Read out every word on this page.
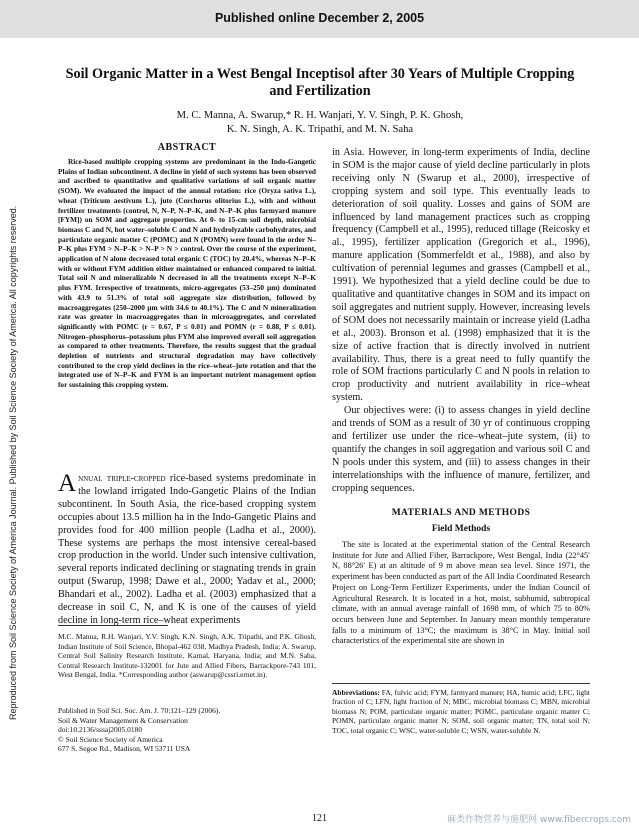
Published online December 2, 2005
Reproduced from Soil Science Society of America Journal. Published by Soil Science Society of America. All copyrights reserved.
Soil Organic Matter in a West Bengal Inceptisol after 30 Years of Multiple Cropping and Fertilization
M. C. Manna, A. Swarup,* R. H. Wanjari, Y. V. Singh, P. K. Ghosh,
K. N. Singh, A. K. Tripathi, and M. N. Saha
ABSTRACT
Rice-based multiple cropping systems are predominant in the Indo-Gangetic Plains of Indian subcontinent. A decline in yield of such systems has been observed and ascribed to quantitative and qualitative variations of soil organic matter (SOM). We evaluated the impact of the annual rotation: rice (Oryza sativa L.), wheat (Triticum aestivum L.), jute (Corchorus olitorius L.), with and without fertilizer treatments (control, N, N–P, N–P–K, and N–P–K plus farmyard manure [FYM]) on SOM and aggregate properties. At 0- to 15-cm soil depth, microbial biomass C and N, hot water–soluble C and N and hydrolyzable carbohydrates, and particulate organic matter C (POMC) and N (POMN) were found in the order N–P–K plus FYM > N–P–K > N–P > N > control. Over the course of the experiment, application of N alone decreased total organic C (TOC) by 20.4%, whereas N–P–K with or without FYM addition either maintained or enhanced compared to initial. Total soil N and mineralizable N decreased in all the treatments except N–P–K plus FYM. Irrespective of treatments, micro-aggregates (53–250 µm) dominated with 43.9 to 51.3% of total soil aggregate size distribution, followed by macroaggregates (250–2000 µm with 34.6 to 40.1%). The C and N mineralization rate was greater in macroaggregates than in microaggregates, and correlated significantly with POMC (r = 0.67, P ≤ 0.01) and POMN (r = 0.88, P ≤ 0.01). Nitrogen–phosphorus–potassium plus FYM also improved overall soil aggregation as compared to other treatments. Therefore, the results suggest that the gradual depletion of nutrients and structural degradation may have collectively contributed to the crop yield declines in the rice–wheat–jute rotation and that the integrated use of N–P–K and FYM is an important nutrient management option for sustaining this cropping system.
Annual triple-cropped rice-based systems predominate in the lowland irrigated Indo-Gangetic Plains of the Indian subcontinent. In South Asia, the rice-based cropping system occupies about 13.5 million ha in the Indo-Gangetic Plains and provides food for 400 million people (Ladha et al., 2000). These systems are perhaps the most intensive cereal-based crop production in the world. Under such intensive cultivation, several reports indicated declining or stagnating trends in grain output (Swarup, 1998; Dawe et al., 2000; Yadav et al., 2000; Bhandari et al., 2002). Ladha et al. (2003) emphasized that a decrease in soil C, N, and K is one of the causes of yield decline in long-term rice–wheat experiments
M.C. Manna, R.H. Wanjari, Y.V. Singh, K.N. Singh, A.K. Tripathi, and P.K. Ghosh, Indian Institute of Soil Science, Bhopal-462 038, Madhya Pradesh, India; A. Swarup, Central Soil Salinity Research Institute, Karnal, Haryana, India; and M.N. Saha, Central Research Institute-132001 for Jute and Allied Fibers, Barrackpore-743 101, West Bengal, India. *Corresponding author (aswarup@cssri.ernet.in).
Published in Soil Sci. Soc. Am. J. 70:121–129 (2006).
Soil & Water Management & Conservation
doi:10.2136/sssaj2005.0180
© Soil Science Society of America
677 S. Segoe Rd., Madison, WI 53711 USA

in Asia. However, in long-term experiments of India, decline in SOM is the major cause of yield decline particularly in plots receiving only N (Swarup et al., 2000), irrespective of cropping system and soil type. This eventually leads to deterioration of soil quality. Losses and gains of SOM are influenced by land management practices such as cropping frequency (Campbell et al., 1995), reduced tillage (Reicosky et al., 1995), fertilizer application (Gregorich et al., 1996), manure application (Sommerfeldt et al., 1988), and also by cultivation of perennial legumes and grasses (Campbell et al., 1991). We hypothesized that a yield decline could be due to qualitative and quantitative changes in SOM and its impact on soil aggregates and nutrient supply. However, increasing levels of SOM does not necessarily maintain or increase yield (Ladha et al., 2003). Bronson et al. (1998) emphasized that it is the size of active fraction that is directly involved in nutrient availability. Thus, there is a great need to fully quantify the role of SOM fractions particularly C and N pools in relation to crop productivity and nutrient availability in rice–wheat system.

Our objectives were: (i) to assess changes in yield decline and trends of SOM as a result of 30 yr of continuous cropping and fertilizer use under the rice–wheat–jute system, (ii) to quantify the changes in soil aggregation and various soil C and N pools under this system, and (iii) to assess changes in their interrelationships with the influence of manure, fertilizer, and cropping sequences.

MATERIALS AND METHODS
Field Methods
The site is located at the experimental station of the Central Research Institute for Jute and Allied Fiber, Barrackpore, West Bengal, India (22°45′ N, 88°26′ E) at an altitude of 9 m above mean sea level. Since 1971, the experiment has been conducted as part of the All India Coordinated Research Project on Long-Term Fertilizer Experiments, under the Indian Council of Agricultural Research. It is located in a hot, moist, subhumid, subtropical climate, with an annual average rainfall of 1698 mm, of which 75 to 80% occurs between June and September. In January mean monthly temperature falls to a minimum of 13°C; the maximum is 38°C in May. Initial soil characteristics of the experimental site are shown in
Abbreviations: FA, fulvic acid; FYM, farmyard manure; HA, humic acid; LFC, light fraction of C; LFN, light fraction of N; MBC, microbial biomass C; MBN, microbial biomass N; POM, particulate organic matter; POMC, particulate organic matter C; POMN, particulate organic matter N; SOM, soil organic matter; TN, total soil N; TOC, total organic C; WSC, water-soluble C; WSN, water-soluble N.
121	麻类作物营养与施肥网 www.fibercrops.com
